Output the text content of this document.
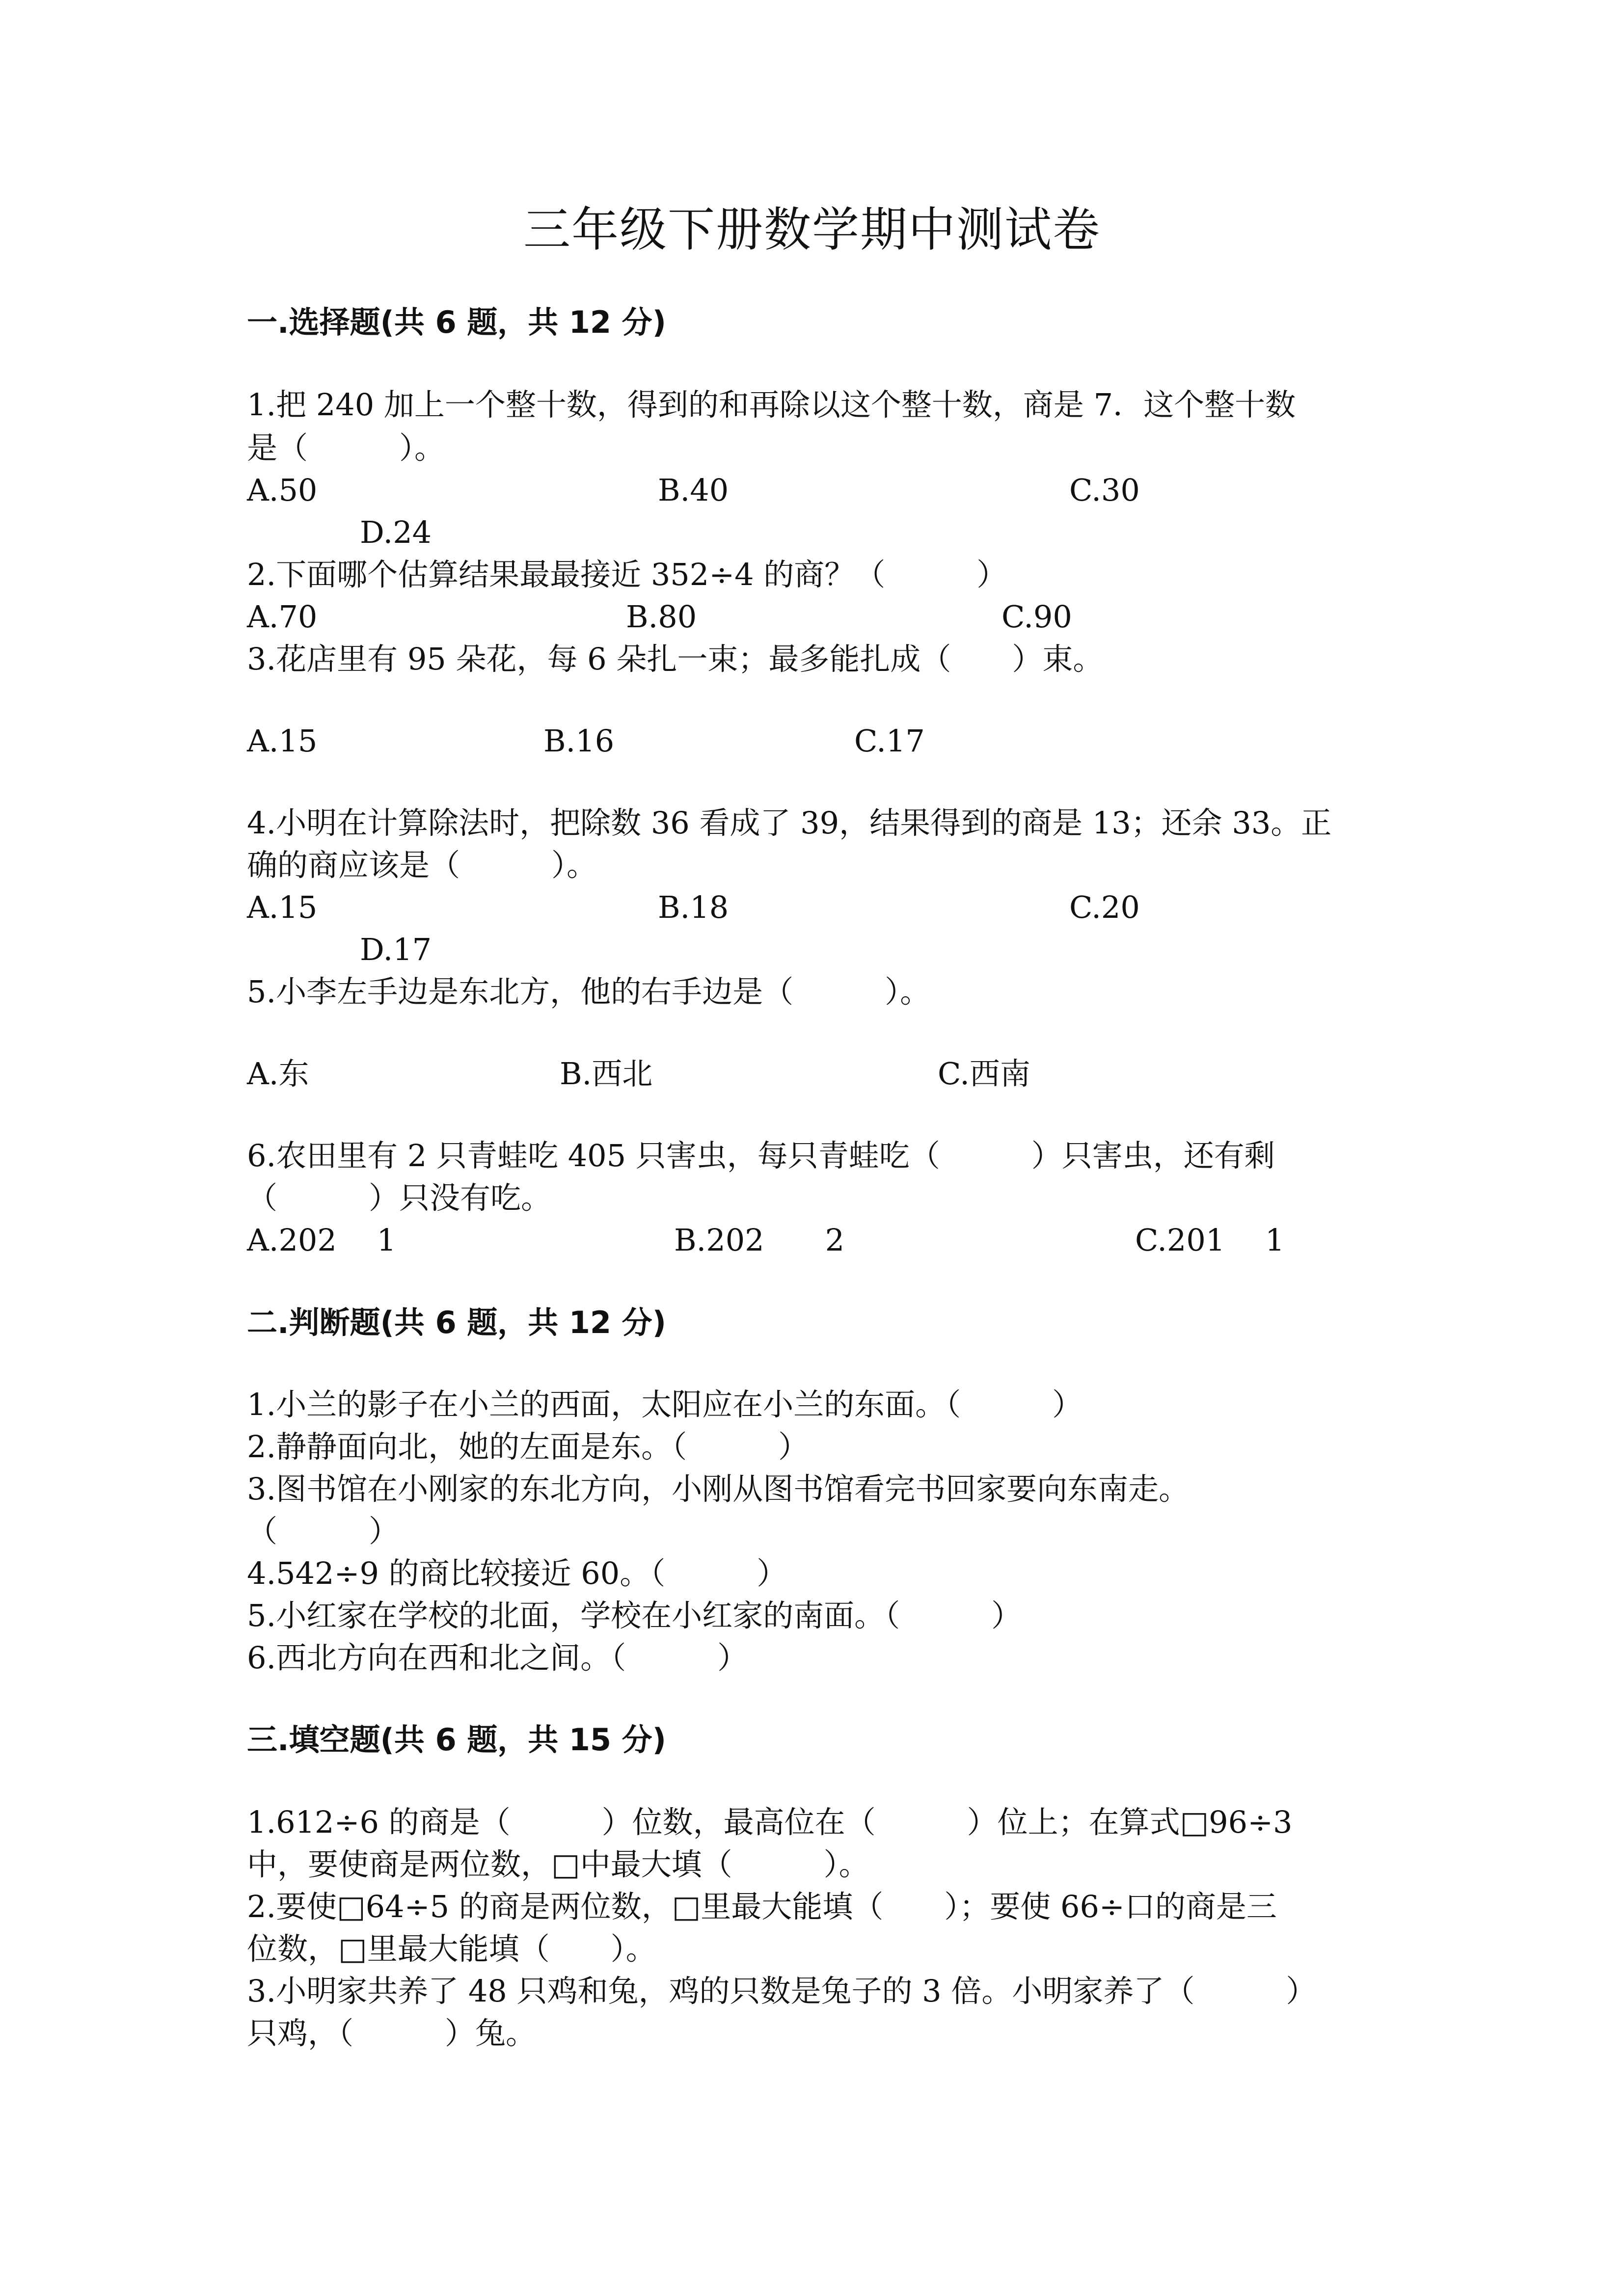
三年级下册数学期中测试卷
一.选择题(共 6 题，共 12 分)
1.把 240 加上一个整十数，得到的和再除以这个整十数，商是 7．这个整十数
是（　　　）。
A.50	B.40	C.30
D.24
2.下面哪个估算结果最最接近 352÷4 的商？（　　　）
A.70	B.80	C.90
3.花店里有 95 朵花，每 6 朵扎一束；最多能扎成（　　）束。
A.15	B.16	C.17
4.小明在计算除法时，把除数 36 看成了 39，结果得到的商是 13；还余 33。正
确的商应该是（　　　）。
A.15	B.18	C.20
D.17
5.小李左手边是东北方，他的右手边是（　　　）。
A.东	B.西北	C.西南
6.农田里有 2 只青蛙吃 405 只害虫，每只青蛙吃（　　　）只害虫，还有剩
（　　　）只没有吃。
A.202　 1	B.202　　2	C.201　 1
二.判断题(共 6 题，共 12 分)
1.小兰的影子在小兰的西面，太阳应在小兰的东面。（　　　）
2.静静面向北，她的左面是东。（　　　）
3.图书馆在小刚家的东北方向，小刚从图书馆看完书回家要向东南走。
（　　　）
4.542÷9 的商比较接近 60。（　　　）
5.小红家在学校的北面，学校在小红家的南面。（　　　）
6.西北方向在西和北之间。（　　　）
三.填空题(共 6 题，共 15 分)
1.612÷6 的商是（　　　）位数，最高位在（　　　）位上；在算式□96÷3
中，要使商是两位数，□中最大填（　　　）。
2.要使□64÷5 的商是两位数，□里最大能填（　　）；要使 66÷口的商是三
位数，□里最大能填（　　）。
3.小明家共养了 48 只鸡和兔，鸡的只数是兔子的 3 倍。小明家养了（　　　）
只鸡，（　　　）兔。
